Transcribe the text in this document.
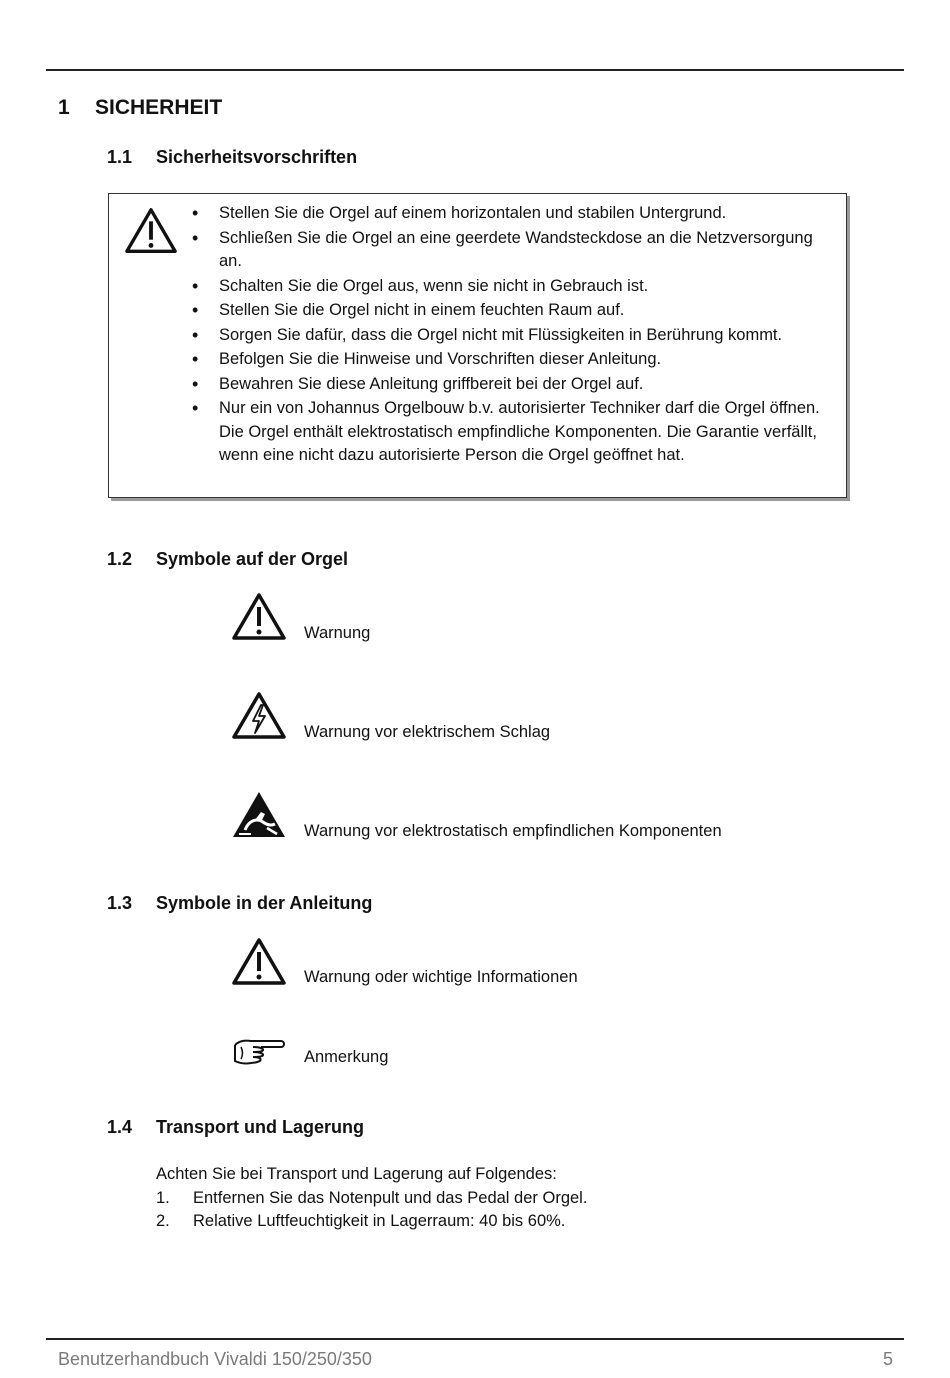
1 SICHERHEIT
1.1 Sicherheitsvorschriften
• Stellen Sie die Orgel auf einem horizontalen und stabilen Untergrund.
• Schließen Sie die Orgel an eine geerdete Wandsteckdose an die Netzversorgung an.
• Schalten Sie die Orgel aus, wenn sie nicht in Gebrauch ist.
• Stellen Sie die Orgel nicht in einem feuchten Raum auf.
• Sorgen Sie dafür, dass die Orgel nicht mit Flüssigkeiten in Berührung kommt.
• Befolgen Sie die Hinweise und Vorschriften dieser Anleitung.
• Bewahren Sie diese Anleitung griffbereit bei der Orgel auf.
• Nur ein von Johannus Orgelbouw b.v. autorisierter Techniker darf die Orgel öffnen. Die Orgel enthält elektrostatisch empfindliche Komponenten. Die Garantie verfällt, wenn eine nicht dazu autorisierte Person die Orgel geöffnet hat.
1.2 Symbole auf der Orgel
Warnung
Warnung vor elektrischem Schlag
Warnung vor elektrostatisch empfindlichen Komponenten
1.3 Symbole in der Anleitung
Warnung oder wichtige Informationen
Anmerkung
1.4 Transport und Lagerung
Achten Sie bei Transport und Lagerung auf Folgendes:
1. Entfernen Sie das Notenpult und das Pedal der Orgel.
2. Relative Luftfeuchtigkeit in Lagerraum: 40 bis 60%.
Benutzerhandbuch Vivaldi 150/250/350	5
